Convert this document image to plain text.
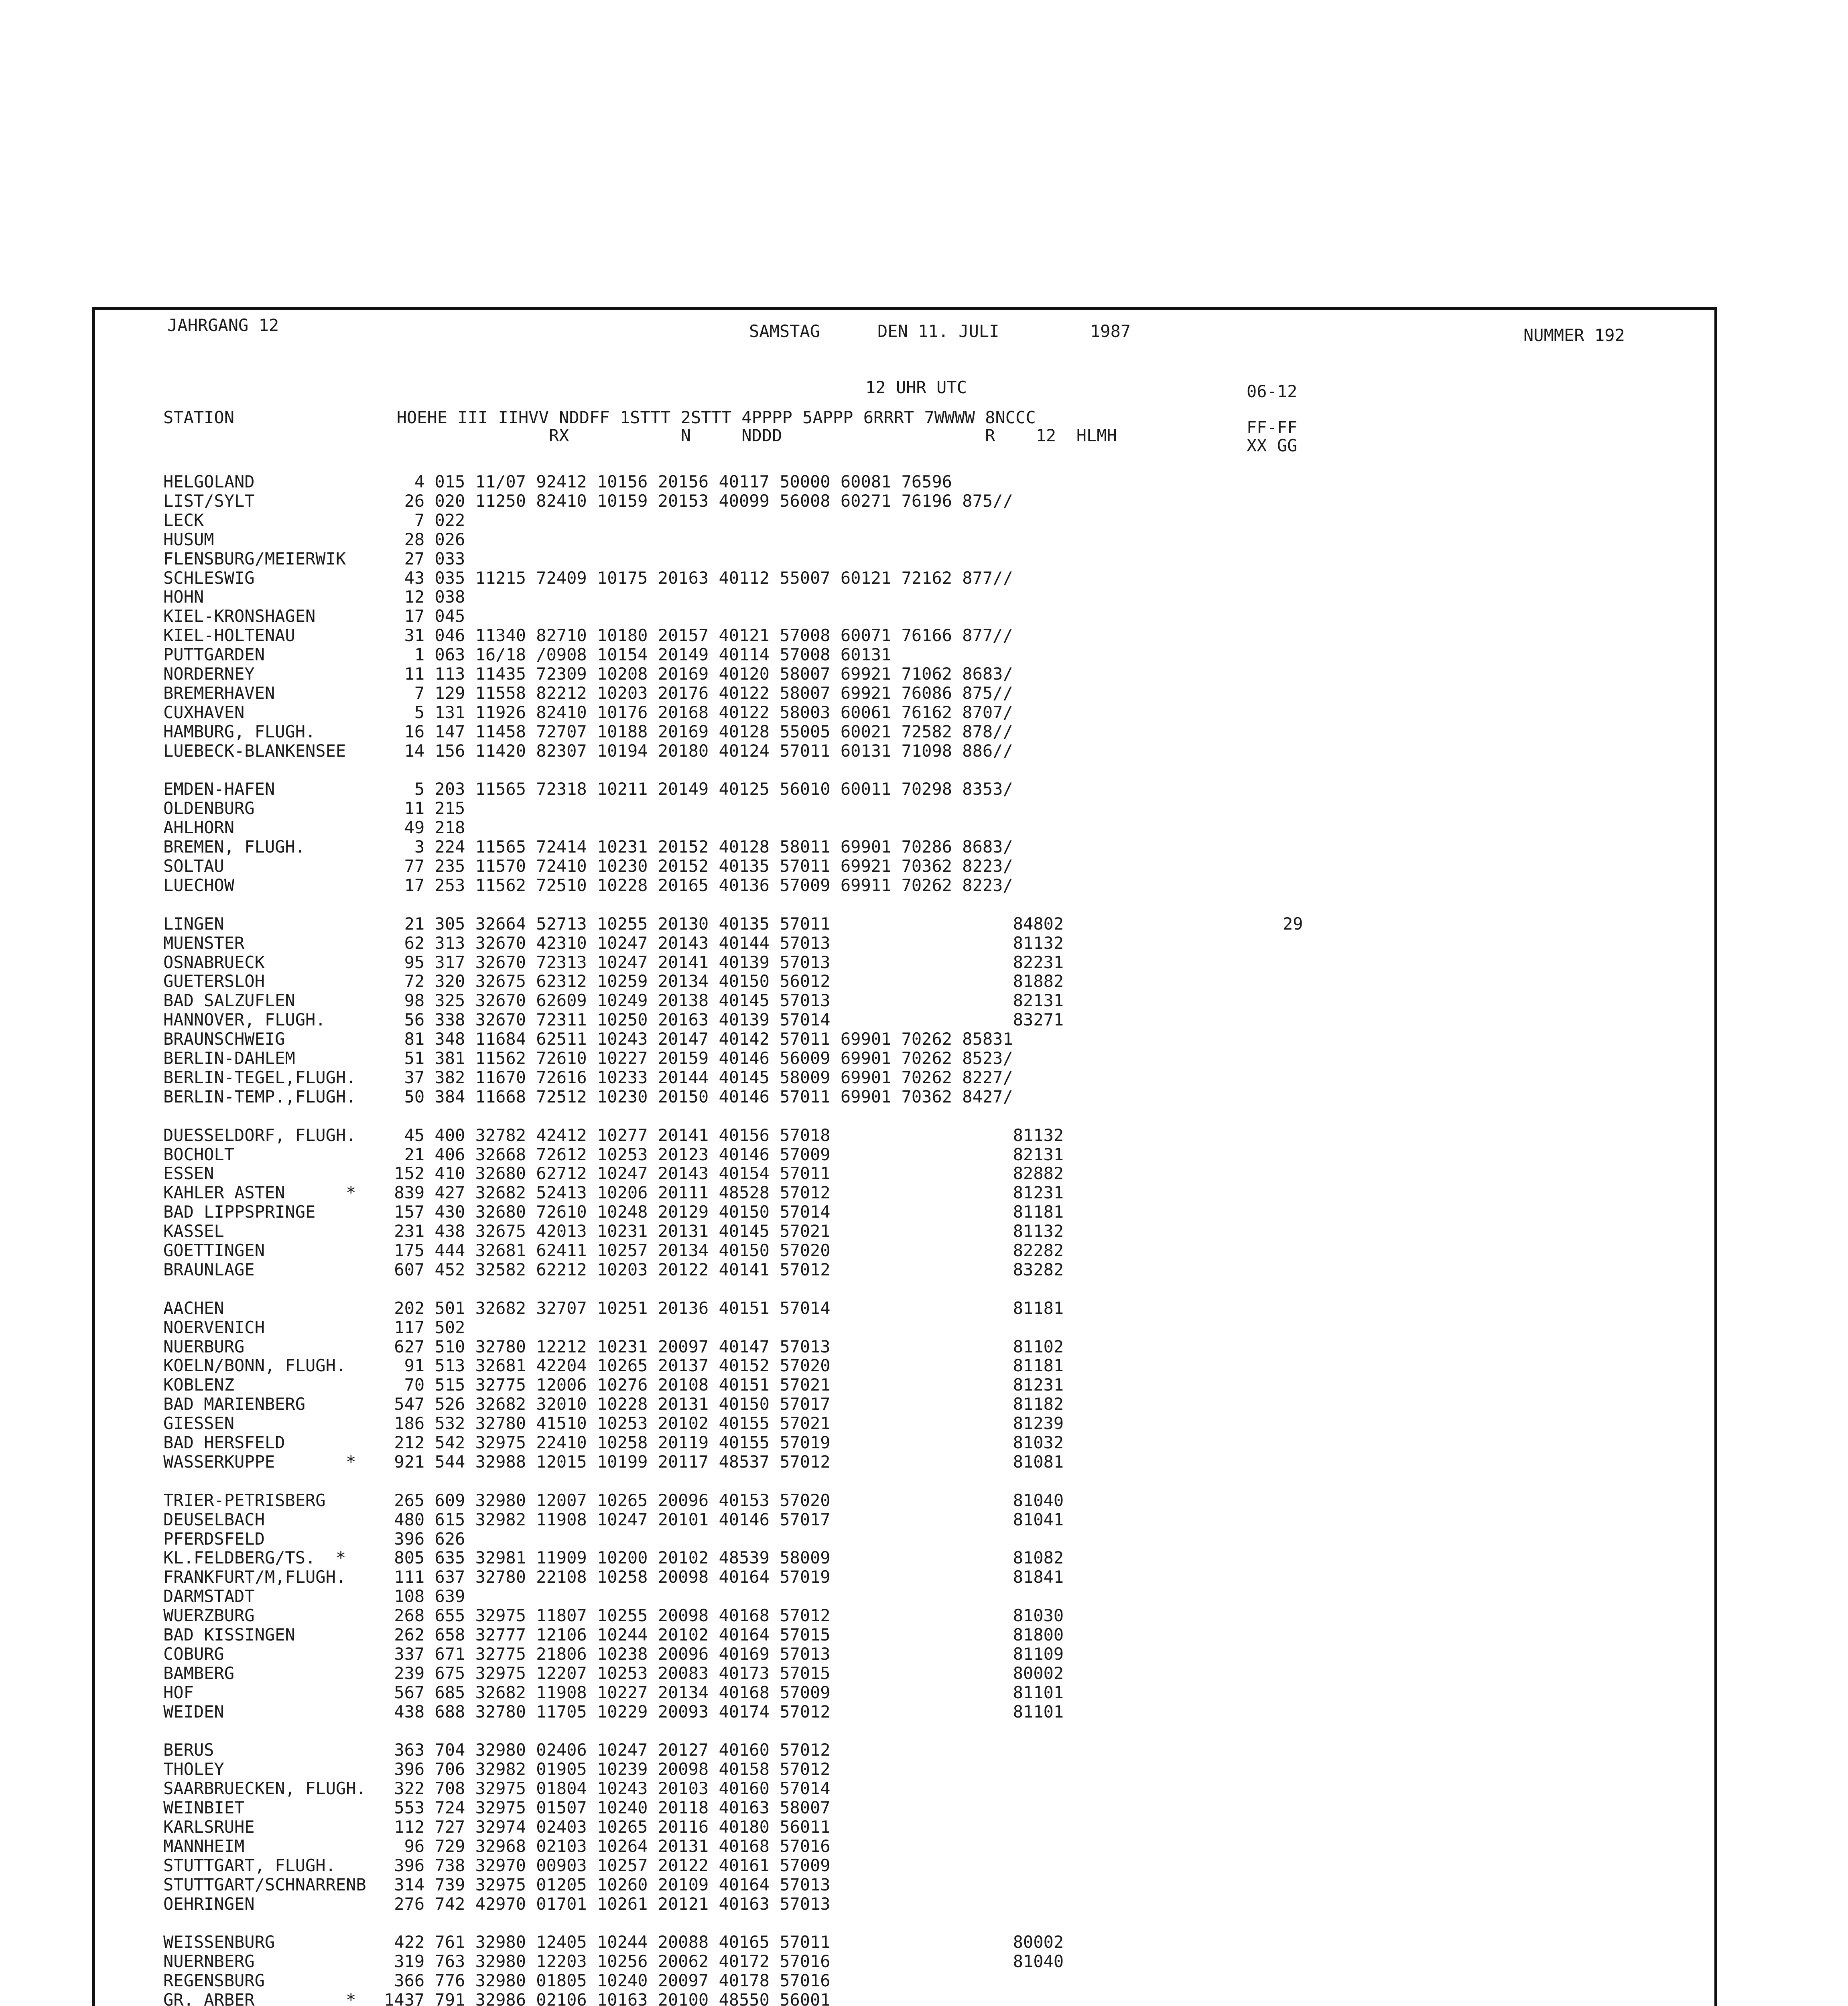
JAHRGANG 12	SAMSTAG	DEN 11. JULI	1987	NUMMER 192
12 UHR UTC	06-12
STATION                HOEHE III IIHVV NDDFF 1STTT 2STTT 4PPPP 5APPP 6RRRT 7WWWW 8NCCC
RX           N     NDDD                    R    12  HLMH	FF-FF
XX GG
HELGOLAND	4 015 11/07 92412 10156 20156 40117 50000 60081 76596
LIST/SYLT	26 020 11250 82410 10159 20153 40099 56008 60271 76196 875//
LECK	7 022
HUSUM	28 026
FLENSBURG/MEIERWIK 27 033
SCHLESWIG	43 035 11215 72409 10175 20163 40112 55007 60121 72162 877//
HOHN	12 038
KIEL-KRONSHAGEN	17 045
KIEL-HOLTENAU	31 046 11340 82710 10180 20157 40121 57008 60071 76166 877//
PUTTGARDEN	1 063 16/18 /0908 10154 20149 40114 57008 60131
NORDERNEY	11 113 11435 72309 10208 20169 40120 58007 69921 71062 8683/
BREMERHAVEN	7 129 11558 82212 10203 20176 40122 58007 69921 76086 875//
CUXHAVEN	5 131 11926 82410 10176 20168 40122 58003 60061 76162 8707/
HAMBURG, FLUGH.	16 147 11458 72707 10188 20169 40128 55005 60021 72582 878//
LUEBECK-BLANKENSEE 14 156 11420 82307 10194 20180 40124 57011 60131 71098 886//
EMDEN-HAFEN	5 203 11565 72318 10211 20149 40125 56010 60011 70298 8353/
OLDENBURG	11 215
AHLHORN	49 218
BREMEN, FLUGH.	3 224 11565 72414 10231 20152 40128 58011 69901 70286 8683/
SOLTAU	77 235 11570 72410 10230 20152 40135 57011 69921 70362 8223/
LUECHOW	17 253 11562 72510 10228 20165 40136 57009 69911 70262 8223/
LINGEN	21 305 32664 52713 10255 20130 40135 57011                  84802	29
MUENSTER	62 313 32670 42310 10247 20143 40144 57013                  81132
OSNABRUECK	95 317 32670 72313 10247 20141 40139 57013                  82231
GUETERSLOH	72 320 32675 62312 10259 20134 40150 56012                  81882
BAD SALZUFLEN	98 325 32670 62609 10249 20138 40145 57013                  82131
HANNOVER, FLUGH.	56 338 32670 72311 10250 20163 40139 57014                  83271
BRAUNSCHWEIG	81 348 11684 62511 10243 20147 40142 57011 69901 70262 85831
BERLIN-DAHLEM	51 381 11562 72610 10227 20159 40146 56009 69901 70262 8523/
BERLIN-TEGEL,FLUGH. 37 382 11670 72616 10233 20144 40145 58009 69901 70262 8227/
BERLIN-TEMP.,FLUGH. 50 384 11668 72512 10230 20150 40146 57011 69901 70362 8427/
DUESSELDORF, FLUGH. 45 400 32782 42412 10277 20141 40156 57018                  81132
BOCHOLT	21 406 32668 72612 10253 20123 40146 57009                  82131
ESSEN	152 410 32680 62712 10247 20143 40154 57011                  82882
KAHLER ASTEN      * 839 427 32682 52413 10206 20111 48528 57012                  81231
BAD LIPPSPRINGE	157 430 32680 72610 10248 20129 40150 57014                  81181
KASSEL	231 438 32675 42013 10231 20131 40145 57021                  81132
GOETTINGEN	175 444 32681 62411 10257 20134 40150 57020                  82282
BRAUNLAGE	607 452 32582 62212 10203 20122 40141 57012                  83282
AACHEN	202 501 32682 32707 10251 20136 40151 57014                  81181
NOERVENICH	117 502
NUERBURG	627 510 32780 12212 10231 20097 40147 57013                  81102
KOELN/BONN, FLUGH. 91 513 32681 42204 10265 20137 40152 57020                  81181
KOBLENZ	70 515 32775 12006 10276 20108 40151 57021                  81231
BAD MARIENBERG	547 526 32682 32010 10228 20131 40150 57017                  81182
GIESSEN	186 532 32780 41510 10253 20102 40155 57021                  81239
BAD HERSFELD	212 542 32975 22410 10258 20119 40155 57019                  81032
WASSERKUPPE       * 921 544 32988 12015 10199 20117 48537 57012                  81081
TRIER-PETRISBERG	265 609 32980 12007 10265 20096 40153 57020                  81040
DEUSELBACH	480 615 32982 11908 10247 20101 40146 57017                  81041
PFERDSFELD	396 626
KL.FELDBERG/TS.  * 805 635 32981 11909 10200 20102 48539 58009                  81082
FRANKFURT/M,FLUGH. 111 637 32780 22108 10258 20098 40164 57019                  81841
DARMSTADT	108 639
WUERZBURG	268 655 32975 11807 10255 20098 40168 57012                  81030
BAD KISSINGEN	262 658 32777 12106 10244 20102 40164 57015                  81800
COBURG	337 671 32775 21806 10238 20096 40169 57013                  81109
BAMBERG	239 675 32975 12207 10253 20083 40173 57015                  80002
HOF	567 685 32682 11908 10227 20134 40168 57009                  81101
WEIDEN	438 688 32780 11705 10229 20093 40174 57012                  81101
BERUS	363 704 32980 02406 10247 20127 40160 57012
THOLEY	396 706 32982 01905 10239 20098 40158 57012
SAARBRUECKEN, FLUGH. 322 708 32975 01804 10243 20103 40160 57014
WEINBIET	553 724 32975 01507 10240 20118 40163 58007
KARLSRUHE	112 727 32974 02403 10265 20116 40180 56011
MANNHEIM	96 729 32968 02103 10264 20131 40168 57016
STUTTGART, FLUGH.	396 738 32970 00903 10257 20122 40161 57009
STUTTGART/SCHNARRENB 314 739 32975 01205 10260 20109 40164 57013
OEHRINGEN	276 742 42970 01701 10261 20121 40163 57013
WEISSENBURG	422 761 32980 12405 10244 20088 40165 57011                  80002
NUERNBERG	319 763 32980 12203 10256 20062 40172 57016                  81040
REGENSBURG	366 776 32980 01805 10240 20097 40178 57016
GR. ARBER         * 1437 791 32986 02106 10163 20100 48550 56001
